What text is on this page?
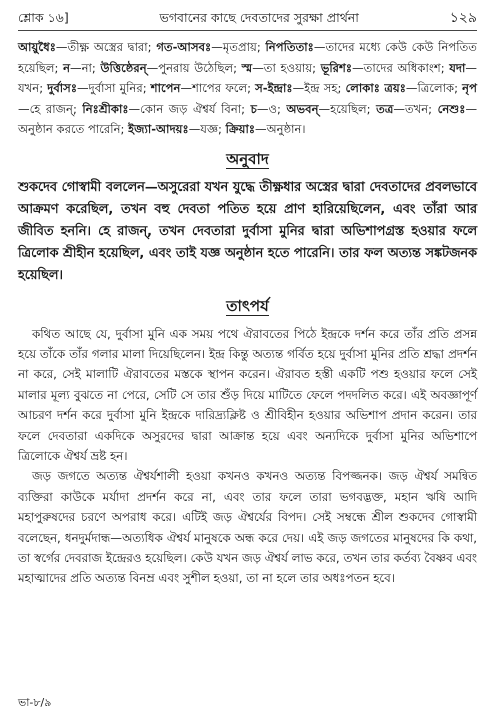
শ্লোক ১৬]	ভগবানের কাছে দেবতাদের সুরক্ষা প্রার্থনা	১২৯
আয়ুধৈঃ—তীক্ষ্ণ অস্ত্রের দ্বারা; গত-আসবঃ—মৃতপ্রায়; নিপতিতাঃ—তাদের মধ্যে কেউ কেউ নিপতিত হয়েছিল; ন—না; উত্তিষ্ঠেরন্—পুনরায় উঠেছিল; স্ম—তা হওয়ায়; ভূরিশঃ—তাদের অধিকাংশ; যদা—যখন; দুর্বাসঃ—দুর্বাসা মুনির; শাপেন—শাপের ফলে; স-ইন্দ্রাঃ—ইন্দ্র সহ; লোকাঃ ত্রয়ঃ—ত্রিলোক; নৃপ—হে রাজন্; নিঃশ্রীকাঃ—কোন জড় ঐশ্বর্য বিনা; চ—ও; অভবন্—হয়েছিল; তত্র—তখন; নেশুঃ—অনুষ্ঠান করতে পারেনি; ইজ্যা-আদয়ঃ—যজ্ঞ; ক্রিয়াঃ—অনুষ্ঠান।
অনুবাদ
শুকদেব গোস্বামী বললেন—অসুরেরা যখন যুদ্ধে তীক্ষ্ণধার অস্ত্রের দ্বারা দেবতাদের প্রবলভাবে আক্রমণ করেছিল, তখন বহু দেবতা পতিত হয়ে প্রাণ হারিয়েছিলেন, এবং তাঁরা আর জীবিত হননি। হে রাজন্, তখন দেবতারা দুর্বাসা মুনির দ্বারা অভিশাপগ্রস্ত হওয়ার ফলে ত্রিলোক শ্রীহীন হয়েছিল, এবং তাই যজ্ঞ অনুষ্ঠান হতে পারেনি। তার ফল অত্যন্ত সঙ্কটজনক হয়েছিল।
তাৎপর্য

কথিত আছে যে, দুর্বাসা মুনি এক সময় পথে ঐরাবতের পিঠে ইন্দ্রকে দর্শন করে তাঁর প্রতি প্রসন্ন হয়ে তাঁকে তাঁর গলার মালা দিয়েছিলেন। ইন্দ্র কিন্তু অত্যন্ত গর্বিত হয়ে দুর্বাসা মুনির প্রতি শ্রদ্ধা প্রদর্শন না করে, সেই মালাটি ঐরাবতের মস্তকে স্থাপন করেন। ঐরাবত হস্তী একটি পশু হওয়ার ফলে সেই মালার মূল্য বুঝতে না পেরে, সেটি সে তার শুঁড় দিয়ে মাটিতে ফেলে পদদলিত করে। এই অবজ্ঞাপূর্ণ আচরণ দর্শন করে দুর্বাসা মুনি ইন্দ্রকে দারিদ্র্যক্লিষ্ট ও শ্রীবিহীন হওয়ার অভিশাপ প্রদান করেন। তার ফলে দেবতারা একদিকে অসুরদের দ্বারা আক্রান্ত হয়ে এবং অন্যদিকে দুর্বাসা মুনির অভিশাপে ত্রিলোকে ঐশ্বর্য ভ্রষ্ট হন।

জড় জগতে অত্যন্ত ঐশ্বর্যশালী হওয়া কখনও কখনও অত্যন্ত বিপজ্জনক। জড় ঐশ্বর্য সমন্বিত ব্যক্তিরা কাউকে মর্যাদা প্রদর্শন করে না, এবং তার ফলে তারা ভগবদ্ভক্ত, মহান ঋষি আদি মহাপুরুষদের চরণে অপরাধ করে। এটিই জড় ঐশ্বর্যের বিপদ। সেই সম্বন্ধে শ্রীল শুকদেব গোস্বামী বলেছেন, ধনদুর্মদান্ধ—অত্যধিক ঐশ্বর্য মানুষকে অন্ধ করে দেয়। এই জড় জগতের মানুষদের কি কথা, তা স্বর্গের দেবরাজ ইন্দ্রেরও হয়েছিল। কেউ যখন জড় ঐশ্বর্য লাভ করে, তখন তার কর্তব্য বৈষ্ণব এবং মহাত্মাদের প্রতি অত্যন্ত বিনম্র এবং সুশীল হওয়া, তা না হলে তার অধঃপতন হবে।

ভা-৮/৯
